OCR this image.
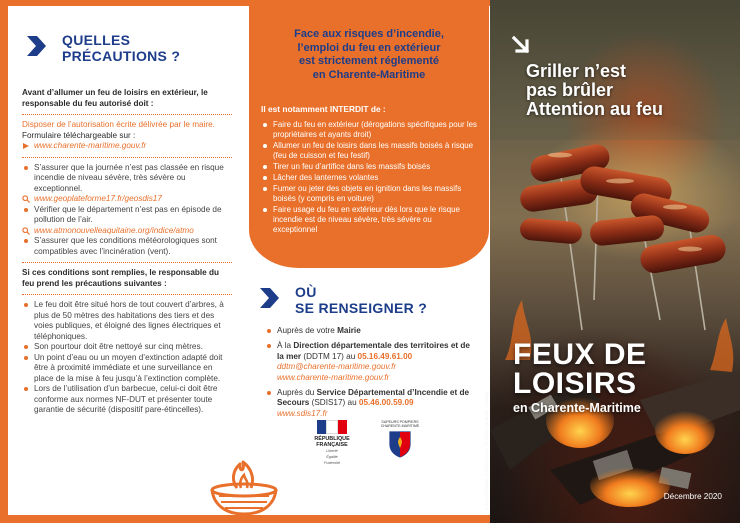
QUELLES
PRÉCAUTIONS ?

Avant d’allumer un feu de loisirs en extérieur, le responsable du feu autorisé doit :

Disposer de l’autorisation écrite délivrée par le maire.

Formulaire téléchargeable sur :

www.charente-maritime.gouv.fr
S’assurer que la journée n’est pas classée en risque incendie de niveau sévère, très sévère ou exceptionnel.
www.geoplateforme17.fr/geosdis17
Vérifier que le département n’est pas en épisode de pollution de l’air.
www.atmonouvelleaquitaine.org/indice/atmo
S’assurer que les conditions météorologiques sont compatibles avec l’incinération (vent).

Si ces conditions sont remplies, le responsable du feu prend les précautions suivantes :

Le feu doit être situé hors de tout couvert d’arbres, à plus de 50 mètres des habitations des tiers et des voies publiques, et éloigné des lignes électriques et téléphoniques.
Son pourtour doit être nettoyé sur cinq mètres.
Un point d’eau ou un moyen d’extinction adapté doit être à proximité immédiate et une surveillance en place de la mise à feu jusqu’à l’extinction complète.
Lors de l’utilisation d’un barbecue, celui-ci doit être conforme aux normes NF-DUT et présenter toute garantie de sécurité (dispositif pare-étincelles).
Face aux risques d’incendie,
l’emploi du feu en extérieur
est strictement réglementé
en Charente-Maritime
Il est notamment INTERDIT de :
Faire du feu en extérieur (dérogations spécifiques pour les propriétaires et ayants droit)
Allumer un feu de loisirs dans les massifs boisés à risque (feu de cuisson et feu festif)
Tirer un feu d’artifice dans les massifs boisés
Lâcher des lanternes volantes
Fumer ou jeter des objets en ignition dans les massifs boisés (y compris en voiture)
Faire usage du feu en extérieur dès lors que le risque incendie est de niveau sévère, très sévère ou exceptionnel
OÙ
SE RENSEIGNER ?
Auprès de votre Mairie
À la Direction départementale des territoires et de la mer (DDTM 17) au 05.16.49.61.00
ddtm@charente-maritime.gouv.fr
www.charente-maritime.gouv.fr
Auprès du Service Départemental d’Incendie et de Secours (SDIS17) au 05.46.00.59.09
www.sdis17.fr
RÉPUBLIQUE
FRANÇAISE
Liberté
Égalité
Fraternité
SAPEURS POMPIERS CHARENTE-MARITIME
Griller n’est
pas brûler
Attention au feu
FEUX DE
LOISIRS
en Charente-Maritime
Décembre 2020
© la poste locale - Crédits photos : © Michel Jarraudie - Pixabay
